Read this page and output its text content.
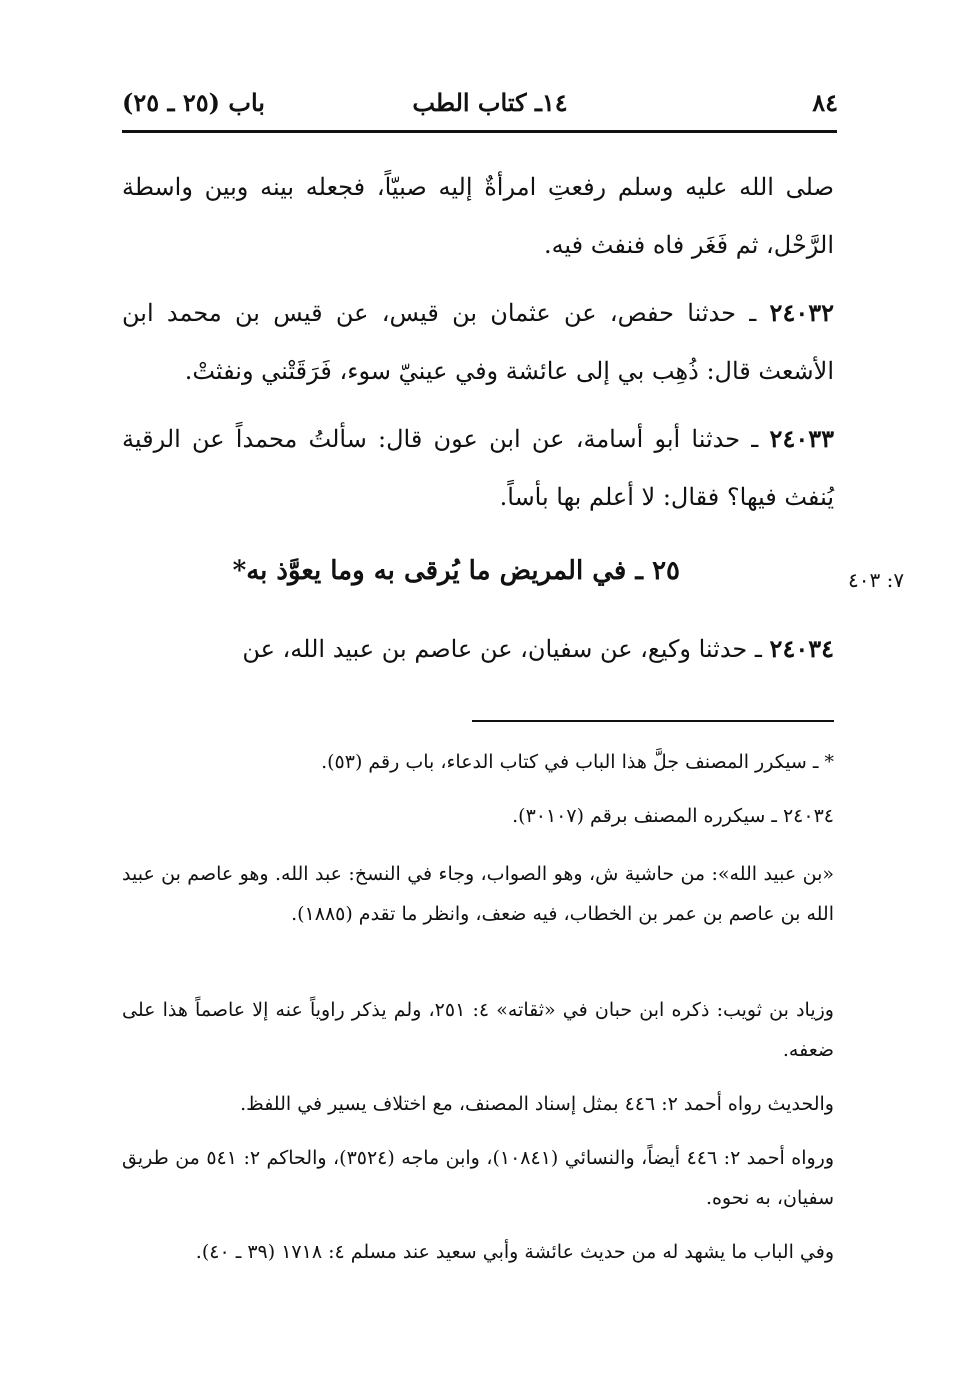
٨٤
١٤ـ كتاب الطب
باب (٢٥ ـ ٢٥)
صلى الله عليه وسلم رفعتِ امرأةٌ إليه صبيّاً، فجعله بينه وبين واسطة الرَّحْل، ثم فَغَر فاه فنفث فيه.
٢٤٠٣٢ ـ حدثنا حفص، عن عثمان بن قيس، عن قيس بن محمد ابن الأشعث قال: ذُهِب بي إلى عائشة وفي عينيّ سوء، فَرَقَتْني ونفثتْ.
٢٤٠٣٣ ـ حدثنا أبو أسامة، عن ابن عون قال: سألتُ محمداً عن الرقية يُنفث فيها؟ فقال: لا أعلم بها بأساً.
٢٥ ـ في المريض ما يُرقى به وما يعوَّذ به*	٧: ٤٠٣
٢٤٠٣٤ ـ حدثنا وكيع، عن سفيان، عن عاصم بن عبيد الله، عن
* ـ سيكرر المصنف جلَّ هذا الباب في كتاب الدعاء، باب رقم (٥٣).
٢٤٠٣٤ ـ سيكرره المصنف برقم (٣٠١٠٧).
«بن عبيد الله»: من حاشية ش، وهو الصواب، وجاء في النسخ: عبد الله. وهو عاصم بن عبيد الله بن عاصم بن عمر بن الخطاب، فيه ضعف، وانظر ما تقدم (١٨٨٥).
وزياد بن ثويب: ذكره ابن حبان في «ثقاته» ٤: ٢٥١، ولم يذكر راوياً عنه إلا عاصماً هذا على ضعفه.
والحديث رواه أحمد ٢: ٤٤٦ بمثل إسناد المصنف، مع اختلاف يسير في اللفظ.
ورواه أحمد ٢: ٤٤٦ أيضاً، والنسائي (١٠٨٤١)، وابن ماجه (٣٥٢٤)، والحاكم ٢: ٥٤١ من طريق سفيان، به نحوه.
وفي الباب ما يشهد له من حديث عائشة وأبي سعيد عند مسلم ٤: ١٧١٨ (٣٩ ـ ٤٠).
